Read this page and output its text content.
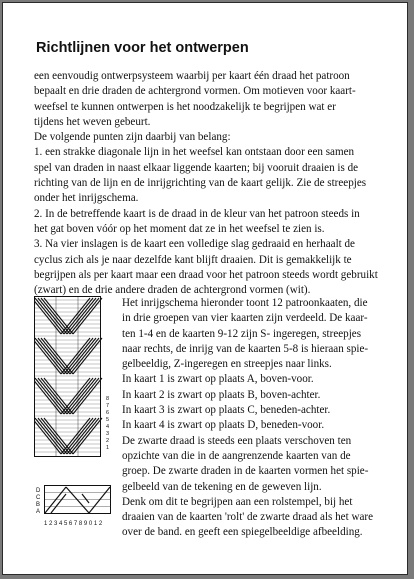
Richtlijnen voor het ontwerpen

een eenvoudig ontwerpsysteem waarbij per kaart één draad het patroon

bepaalt en drie draden de achtergrond vormen. Om motieven voor kaart-

weefsel te kunnen ontwerpen is het noodzakelijk te begrijpen wat er

tijdens het weven gebeurt.

De volgende punten zijn daarbij van belang:

1. een strakke diagonale lijn in het weefsel kan ontstaan door een samen

spel van draden in naast elkaar liggende kaarten; bij vooruit draaien is de

richting van de lijn en de inrijgrichting van de kaart gelijk. Zie de streepjes

onder het inrijgschema.

2. In de betreffende kaart is de draad in de kleur van het patroon steeds in

het gat boven vóór op het moment dat ze in het weefsel te zien is.

3. Na vier inslagen is de kaart een volledige slag gedraaid en herhaalt de

cyclus zich als je naar dezelfde kant blijft draaien. Dit is gemakkelijk te

begrijpen als per kaart maar een draad voor het patroon steeds wordt gebruikt

(zwart) en de drie andere draden de achtergrond vormen (wit).

8
7
6
5
4
3
2
1
D
C
B
A
123456789012

Het inrijgschema hieronder toont 12 patroonkaaten, die

in drie groepen van vier kaarten zijn verdeeld. De kaar-

ten 1-4 en de kaarten 9-12 zijn S- ingeregen, streepjes

naar rechts, de inrijg van de kaarten 5-8 is hieraan spie-

gelbeeldig, Z-ingeregen en streepjes naar links.

In kaart 1 is zwart op plaats A, boven-voor.

In kaart 2 is zwart op plaats B, boven-achter.

In kaart 3 is zwart op plaats C, beneden-achter.

In kaart 4 is zwart op plaats D, beneden-voor.

De zwarte draad is steeds een plaats verschoven ten

opzichte van die in de aangrenzende kaarten van de

groep. De zwarte draden in de kaarten vormen het spie-

gelbeeld van de tekening en de geweven lijn.

Denk om dit te begrijpen aan een rolstempel, bij het

draaien van de kaarten 'rolt' de zwarte draad als het ware

over de band. en geeft een spiegelbeeldige afbeelding.
